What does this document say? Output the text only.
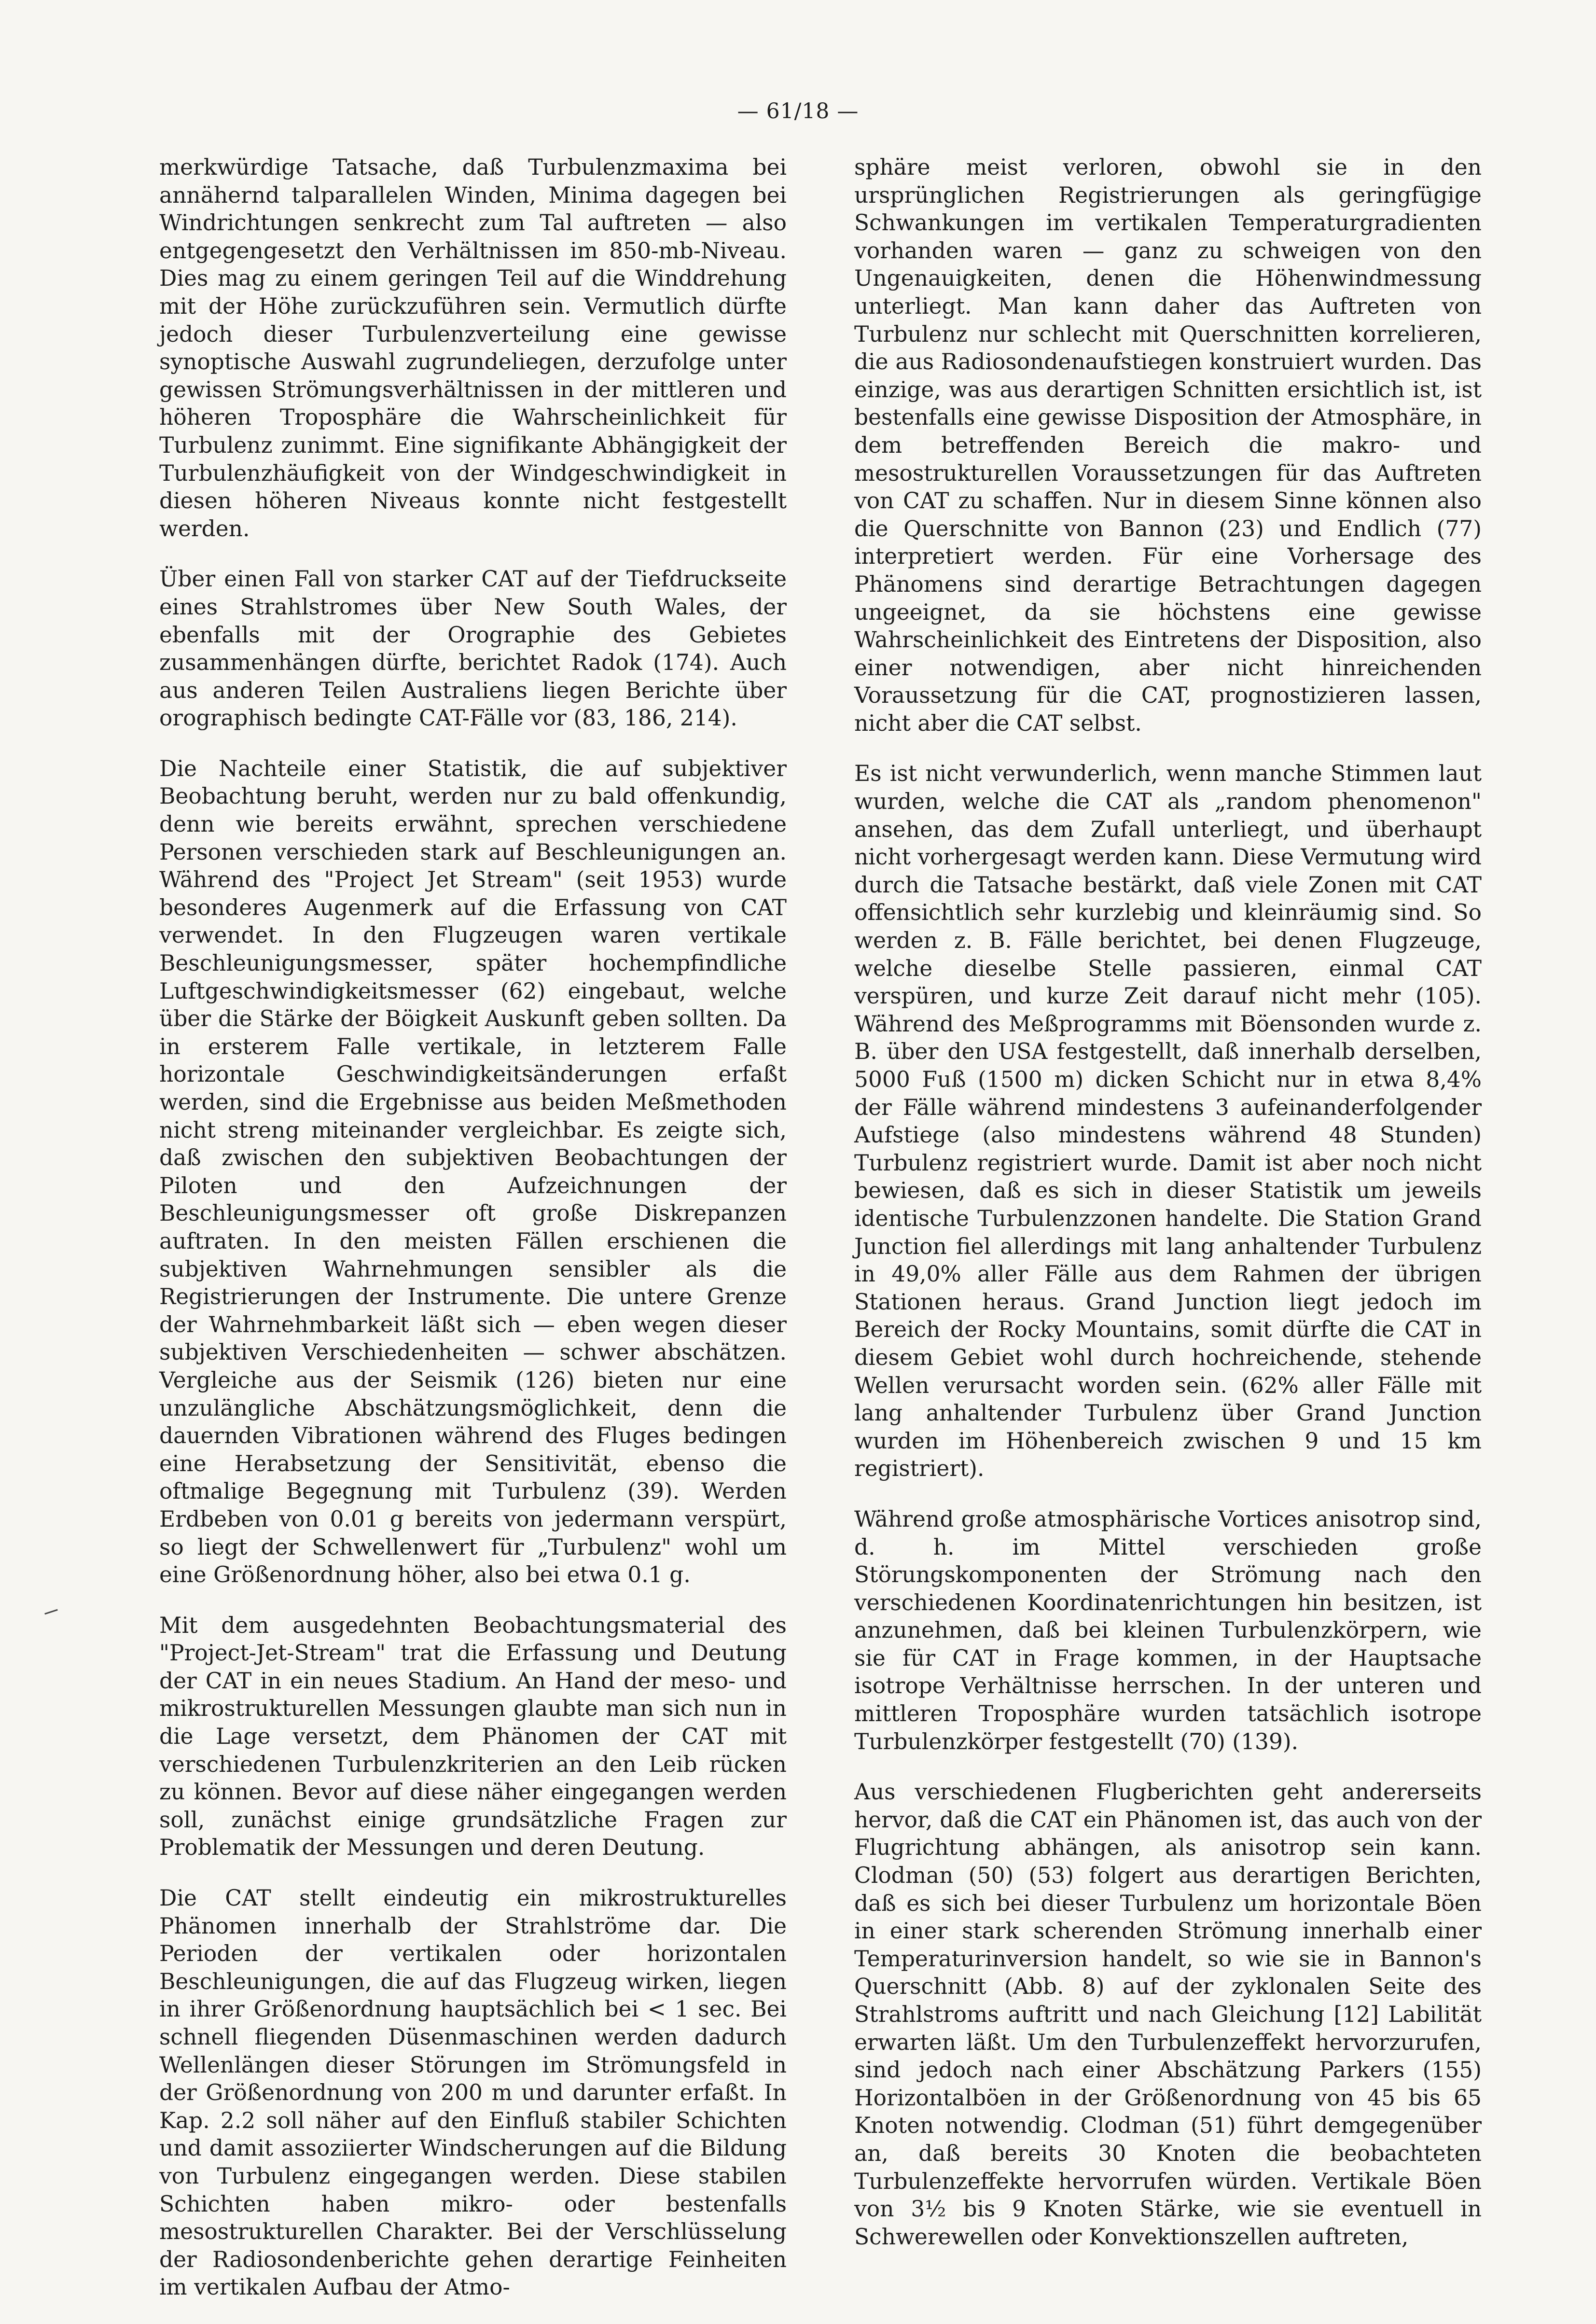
— 61/18 —

merkwürdige Tatsache, daß Turbulenzmaxima bei annähernd talparallelen Winden, Minima dagegen bei Windrichtungen senkrecht zum Tal auftreten — also entgegengesetzt den Verhältnissen im 850-mb-Niveau. Dies mag zu einem geringen Teil auf die Winddrehung mit der Höhe zurückzuführen sein. Vermutlich dürfte jedoch dieser Turbulenzverteilung eine gewisse synoptische Auswahl zugrundeliegen, derzufolge unter gewissen Strömungsverhältnissen in der mittleren und höheren Troposphäre die Wahrscheinlichkeit für Turbulenz zunimmt. Eine signifikante Abhängigkeit der Turbulenzhäufigkeit von der Windgeschwindigkeit in diesen höheren Niveaus konnte nicht festgestellt werden.

Über einen Fall von starker CAT auf der Tiefdruckseite eines Strahlstromes über New South Wales, der ebenfalls mit der Orographie des Gebietes zusammenhängen dürfte, berichtet Radok (174). Auch aus anderen Teilen Australiens liegen Berichte über orographisch bedingte CAT-Fälle vor (83, 186, 214).

Die Nachteile einer Statistik, die auf subjektiver Beobachtung beruht, werden nur zu bald offenkundig, denn wie bereits erwähnt, sprechen verschiedene Personen verschieden stark auf Beschleunigungen an. Während des "Project Jet Stream" (seit 1953) wurde besonderes Augenmerk auf die Erfassung von CAT verwendet. In den Flugzeugen waren vertikale Beschleunigungsmesser, später hochempfindliche Luftgeschwindigkeitsmesser (62) eingebaut, welche über die Stärke der Böigkeit Auskunft geben sollten. Da in ersterem Falle vertikale, in letzterem Falle horizontale Geschwindigkeitsänderungen erfaßt werden, sind die Ergebnisse aus beiden Meßmethoden nicht streng miteinander vergleichbar. Es zeigte sich, daß zwischen den subjektiven Beobachtungen der Piloten und den Aufzeichnungen der Beschleunigungsmesser oft große Diskrepanzen auftraten. In den meisten Fällen erschienen die subjektiven Wahrnehmungen sensibler als die Registrierungen der Instrumente. Die untere Grenze der Wahrnehmbarkeit läßt sich — eben wegen dieser subjektiven Verschiedenheiten — schwer abschätzen. Vergleiche aus der Seismik (126) bieten nur eine unzulängliche Abschätzungsmöglichkeit, denn die dauernden Vibrationen während des Fluges bedingen eine Herabsetzung der Sensitivität, ebenso die oftmalige Begegnung mit Turbulenz (39). Werden Erdbeben von 0.01 g bereits von jedermann verspürt, so liegt der Schwellenwert für „Turbulenz" wohl um eine Größenordnung höher, also bei etwa 0.1 g.

Mit dem ausgedehnten Beobachtungsmaterial des "Project-Jet-Stream" trat die Erfassung und Deutung der CAT in ein neues Stadium. An Hand der meso- und mikrostrukturellen Messungen glaubte man sich nun in die Lage versetzt, dem Phänomen der CAT mit verschiedenen Turbulenzkriterien an den Leib rücken zu können. Bevor auf diese näher eingegangen werden soll, zunächst einige grundsätzliche Fragen zur Problematik der Messungen und deren Deutung.

Die CAT stellt eindeutig ein mikrostrukturelles Phänomen innerhalb der Strahlströme dar. Die Perioden der vertikalen oder horizontalen Beschleunigungen, die auf das Flugzeug wirken, liegen in ihrer Größenordnung hauptsächlich bei < 1 sec. Bei schnell fliegenden Düsenmaschinen werden dadurch Wellenlängen dieser Störungen im Strömungsfeld in der Größenordnung von 200 m und darunter erfaßt. In Kap. 2.2 soll näher auf den Einfluß stabiler Schichten und damit assoziierter Windscherungen auf die Bildung von Turbulenz eingegangen werden. Diese stabilen Schichten haben mikro- oder bestenfalls mesostrukturellen Charakter. Bei der Verschlüsselung der Radiosondenberichte gehen derartige Feinheiten im vertikalen Aufbau der Atmo-

sphäre meist verloren, obwohl sie in den ursprünglichen Registrierungen als geringfügige Schwankungen im vertikalen Temperaturgradienten vorhanden waren — ganz zu schweigen von den Ungenauigkeiten, denen die Höhenwindmessung unterliegt. Man kann daher das Auftreten von Turbulenz nur schlecht mit Querschnitten korrelieren, die aus Radiosondenaufstiegen konstruiert wurden. Das einzige, was aus derartigen Schnitten ersichtlich ist, ist bestenfalls eine gewisse Disposition der Atmosphäre, in dem betreffenden Bereich die makro- und mesostrukturellen Voraussetzungen für das Auftreten von CAT zu schaffen. Nur in diesem Sinne können also die Querschnitte von Bannon (23) und Endlich (77) interpretiert werden. Für eine Vorhersage des Phänomens sind derartige Betrachtungen dagegen ungeeignet, da sie höchstens eine gewisse Wahrscheinlichkeit des Eintretens der Disposition, also einer notwendigen, aber nicht hinreichenden Voraussetzung für die CAT, prognostizieren lassen, nicht aber die CAT selbst.

Es ist nicht verwunderlich, wenn manche Stimmen laut wurden, welche die CAT als „random phenomenon" ansehen, das dem Zufall unterliegt, und überhaupt nicht vorhergesagt werden kann. Diese Vermutung wird durch die Tatsache bestärkt, daß viele Zonen mit CAT offensichtlich sehr kurzlebig und kleinräumig sind. So werden z. B. Fälle berichtet, bei denen Flugzeuge, welche dieselbe Stelle passieren, einmal CAT verspüren, und kurze Zeit darauf nicht mehr (105). Während des Meßprogramms mit Böensonden wurde z. B. über den USA festgestellt, daß innerhalb derselben, 5000 Fuß (1500 m) dicken Schicht nur in etwa 8,4% der Fälle während mindestens 3 aufeinanderfolgender Aufstiege (also mindestens während 48 Stunden) Turbulenz registriert wurde. Damit ist aber noch nicht bewiesen, daß es sich in dieser Statistik um jeweils identische Turbulenzzonen handelte. Die Station Grand Junction fiel allerdings mit lang anhaltender Turbulenz in 49,0% aller Fälle aus dem Rahmen der übrigen Stationen heraus. Grand Junction liegt jedoch im Bereich der Rocky Mountains, somit dürfte die CAT in diesem Gebiet wohl durch hochreichende, stehende Wellen verursacht worden sein. (62% aller Fälle mit lang anhaltender Turbulenz über Grand Junction wurden im Höhenbereich zwischen 9 und 15 km registriert).

Während große atmosphärische Vortices anisotrop sind, d. h. im Mittel verschieden große Störungskomponenten der Strömung nach den verschiedenen Koordinatenrichtungen hin besitzen, ist anzunehmen, daß bei kleinen Turbulenzkörpern, wie sie für CAT in Frage kommen, in der Hauptsache isotrope Verhältnisse herrschen. In der unteren und mittleren Troposphäre wurden tatsächlich isotrope Turbulenzkörper festgestellt (70) (139).

Aus verschiedenen Flugberichten geht andererseits hervor, daß die CAT ein Phänomen ist, das auch von der Flugrichtung abhängen, als anisotrop sein kann. Clodman (50) (53) folgert aus derartigen Berichten, daß es sich bei dieser Turbulenz um horizontale Böen in einer stark scherenden Strömung innerhalb einer Temperaturinversion handelt, so wie sie in Bannon's Querschnitt (Abb. 8) auf der zyklonalen Seite des Strahlstroms auftritt und nach Gleichung [12] Labilität erwarten läßt. Um den Turbulenzeffekt hervorzurufen, sind jedoch nach einer Abschätzung Parkers (155) Horizontalböen in der Größenordnung von 45 bis 65 Knoten notwendig. Clodman (51) führt demgegenüber an, daß bereits 30 Knoten die beobachteten Turbulenzeffekte hervorrufen würden. Vertikale Böen von 3½ bis 9 Knoten Stärke, wie sie eventuell in Schwerewellen oder Konvektionszellen auftreten,
